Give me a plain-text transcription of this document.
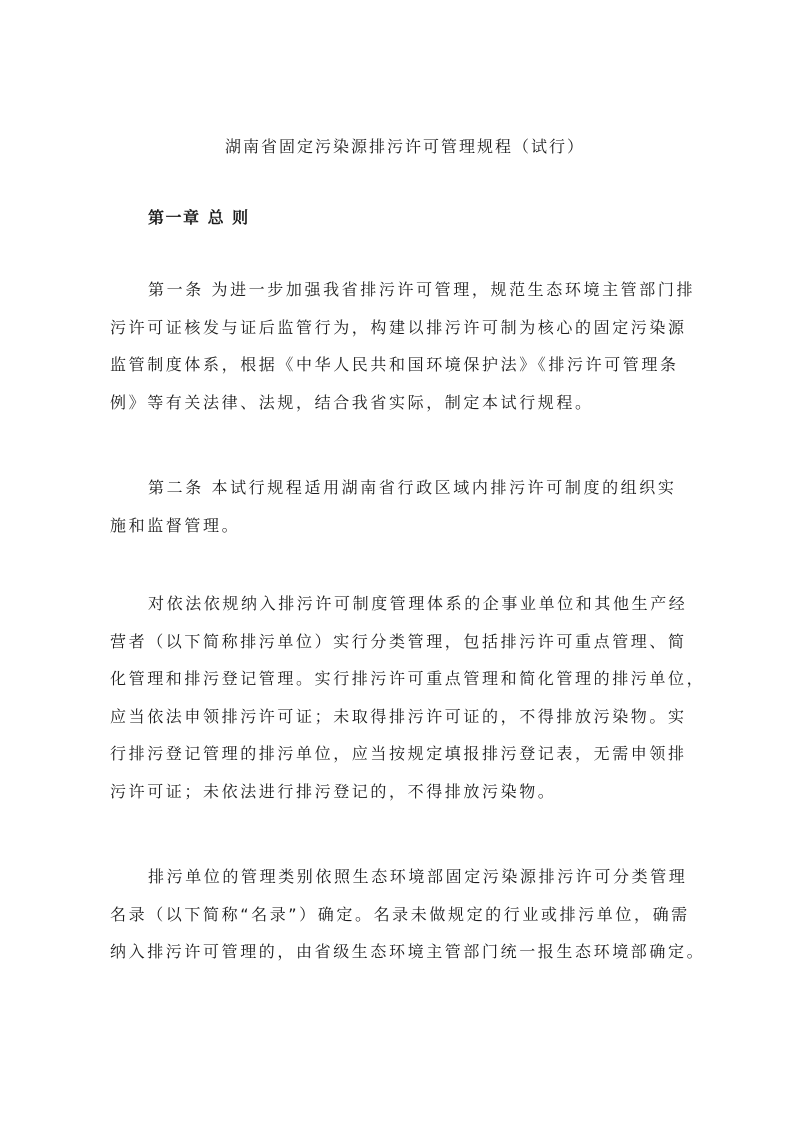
湖南省固定污染源排污许可管理规程（试行）
第一章 总 则
第一条 为进一步加强我省排污许可管理，规范生态环境主管部门排
污许可证核发与证后监管行为，构建以排污许可制为核心的固定污染源
监管制度体系，根据《中华人民共和国环境保护法》《排污许可管理条
例》等有关法律、法规，结合我省实际，制定本试行规程。
第二条 本试行规程适用湖南省行政区域内排污许可制度的组织实
施和监督管理。
对依法依规纳入排污许可制度管理体系的企事业单位和其他生产经
营者（以下简称排污单位）实行分类管理，包括排污许可重点管理、简
化管理和排污登记管理。实行排污许可重点管理和简化管理的排污单位，
应当依法申领排污许可证；未取得排污许可证的，不得排放污染物。实
行排污登记管理的排污单位，应当按规定填报排污登记表，无需申领排
污许可证；未依法进行排污登记的，不得排放污染物。
排污单位的管理类别依照生态环境部固定污染源排污许可分类管理
名录（以下简称“名录”）确定。名录未做规定的行业或排污单位，确需
纳入排污许可管理的，由省级生态环境主管部门统一报生态环境部确定。
